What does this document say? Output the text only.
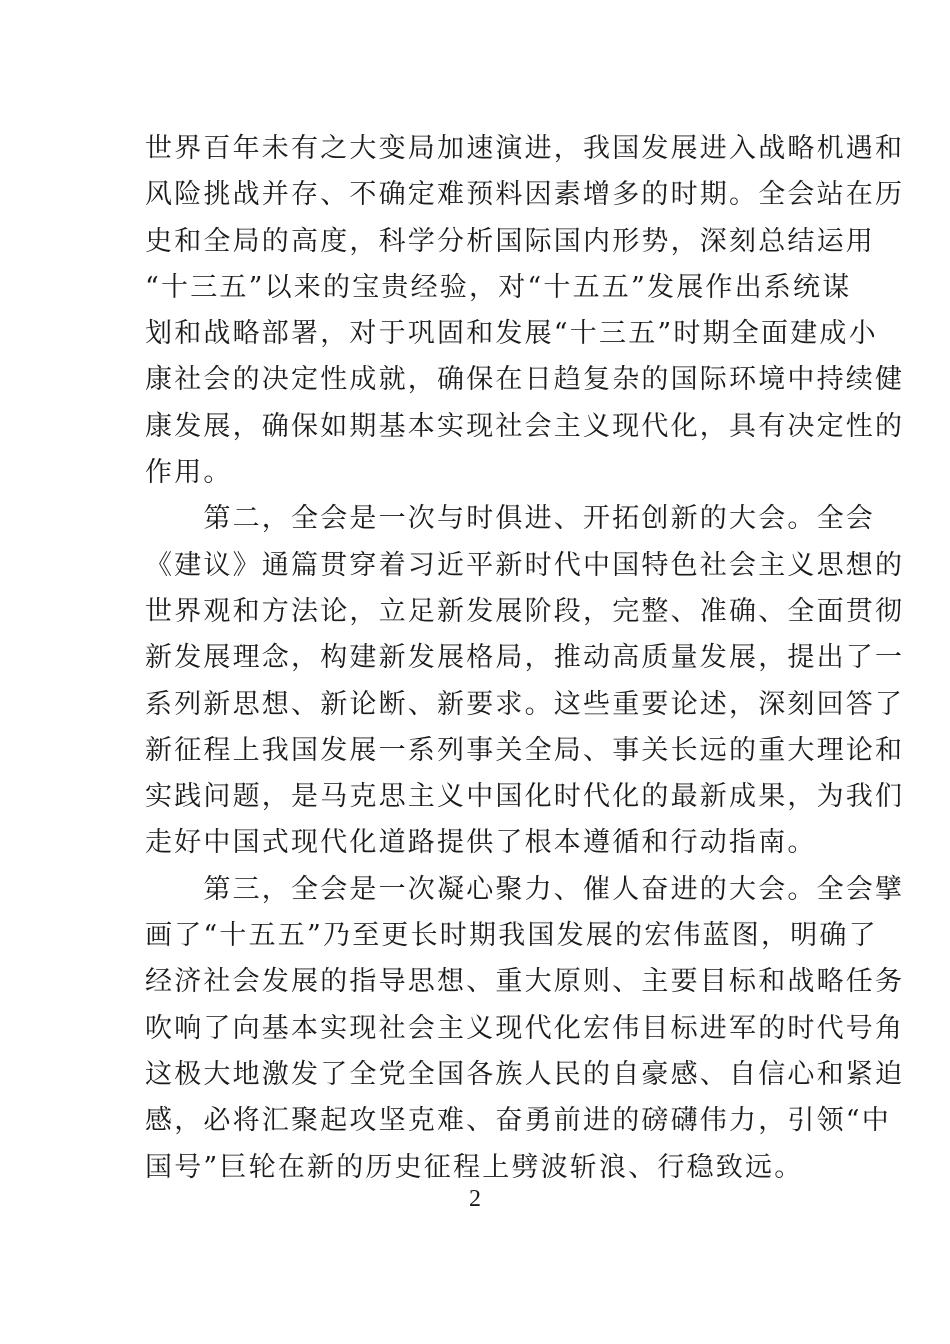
世界百年未有之大变局加速演进，我国发展进入战略机遇和
风险挑战并存、不确定难预料因素增多的时期。全会站在历
史和全局的高度，科学分析国际国内形势，深刻总结运用
“十三五”以来的宝贵经验，对“十五五”发展作出系统谋
划和战略部署，对于巩固和发展“十三五”时期全面建成小
康社会的决定性成就，确保在日趋复杂的国际环境中持续健
康发展，确保如期基本实现社会主义现代化，具有决定性的
作用。
　　第二，全会是一次与时俱进、开拓创新的大会。全会
《建议》通篇贯穿着习近平新时代中国特色社会主义思想的
世界观和方法论，立足新发展阶段，完整、准确、全面贯彻
新发展理念，构建新发展格局，推动高质量发展，提出了一
系列新思想、新论断、新要求。这些重要论述，深刻回答了
新征程上我国发展一系列事关全局、事关长远的重大理论和
实践问题，是马克思主义中国化时代化的最新成果，为我们
走好中国式现代化道路提供了根本遵循和行动指南。
　　第三，全会是一次凝心聚力、催人奋进的大会。全会擘
画了“十五五”乃至更长时期我国发展的宏伟蓝图，明确了
经济社会发展的指导思想、重大原则、主要目标和战略任务
吹响了向基本实现社会主义现代化宏伟目标进军的时代号角
这极大地激发了全党全国各族人民的自豪感、自信心和紧迫
感，必将汇聚起攻坚克难、奋勇前进的磅礴伟力，引领“中
国号”巨轮在新的历史征程上劈波斩浪、行稳致远。
2
